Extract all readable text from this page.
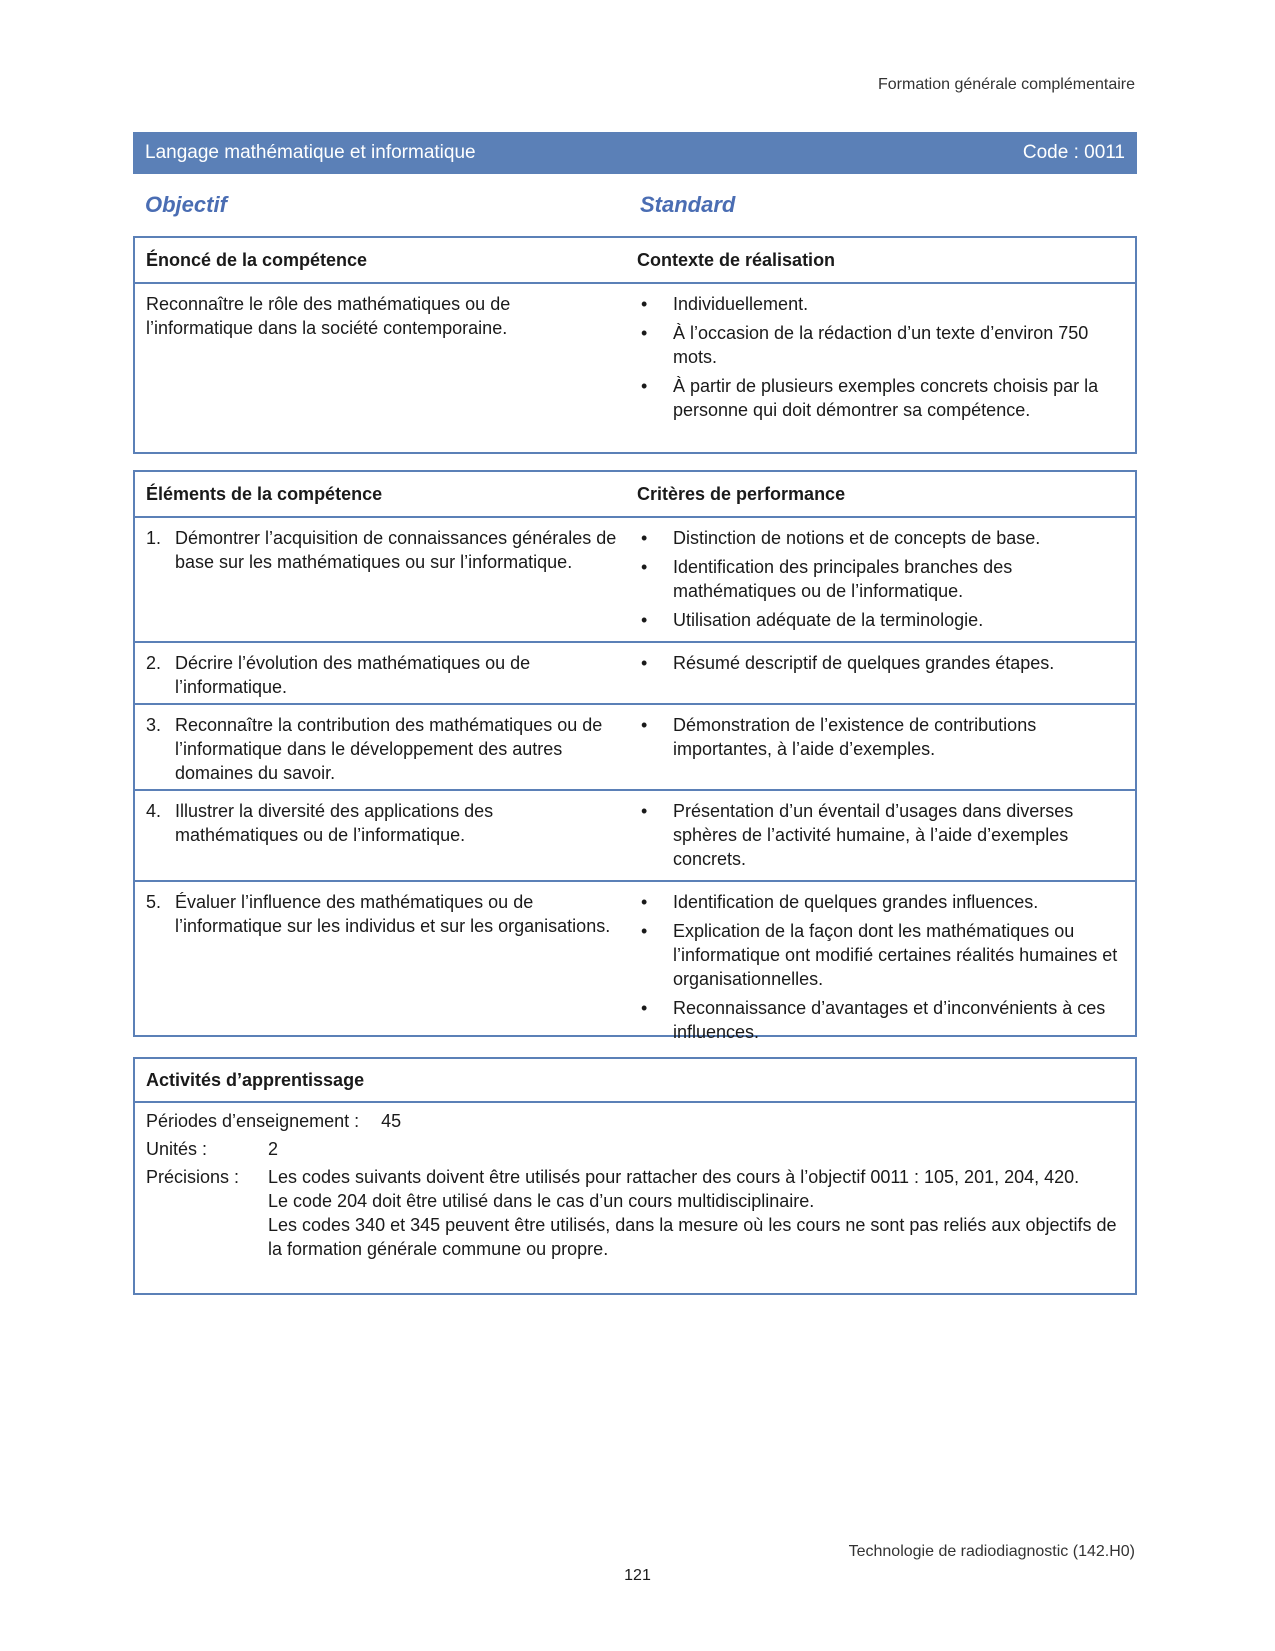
Formation générale complémentaire
Langage mathématique et informatique	Code : 0011
Objectif	Standard
Énoncé de la compétence	Contexte de réalisation
Reconnaître le rôle des mathématiques ou de l’informatique dans la société contemporaine.
•	Individuellement.
•	À l’occasion de la rédaction d’un texte d’environ 750 mots.
•	À partir de plusieurs exemples concrets choisis par la personne qui doit démontrer sa compétence.
Éléments de la compétence	Critères de performance
1. Démontrer l’acquisition de connaissances générales de base sur les mathématiques ou sur l’informatique.
•	Distinction de notions et de concepts de base.
•	Identification des principales branches des mathématiques ou de l’informatique.
•	Utilisation adéquate de la terminologie.
2. Décrire l’évolution des mathématiques ou de l’informatique.
•	Résumé descriptif de quelques grandes étapes.
3. Reconnaître la contribution des mathématiques ou de l’informatique dans le développement des autres domaines du savoir.
•	Démonstration de l’existence de contributions importantes, à l’aide d’exemples.
4. Illustrer la diversité des applications des mathématiques ou de l’informatique.
•	Présentation d’un éventail d’usages dans diverses sphères de l’activité humaine, à l’aide d’exemples concrets.
5. Évaluer l’influence des mathématiques ou de l’informatique sur les individus et sur les organisations.
•	Identification de quelques grandes influences.
•	Explication de la façon dont les mathématiques ou l’informatique ont modifié certaines réalités humaines et organisationnelles.
•	Reconnaissance d’avantages et d’inconvénients à ces influences.
Activités d’apprentissage
Périodes d’enseignement :	45
Unités :	2
Précisions :	Les codes suivants doivent être utilisés pour rattacher des cours à l’objectif 0011 : 105, 201, 204, 420.
Le code 204 doit être utilisé dans le cas d’un cours multidisciplinaire.
Les codes 340 et 345 peuvent être utilisés, dans la mesure où les cours ne sont pas reliés aux objectifs de la formation générale commune ou propre.
Technologie de radiodiagnostic (142.H0)
121
